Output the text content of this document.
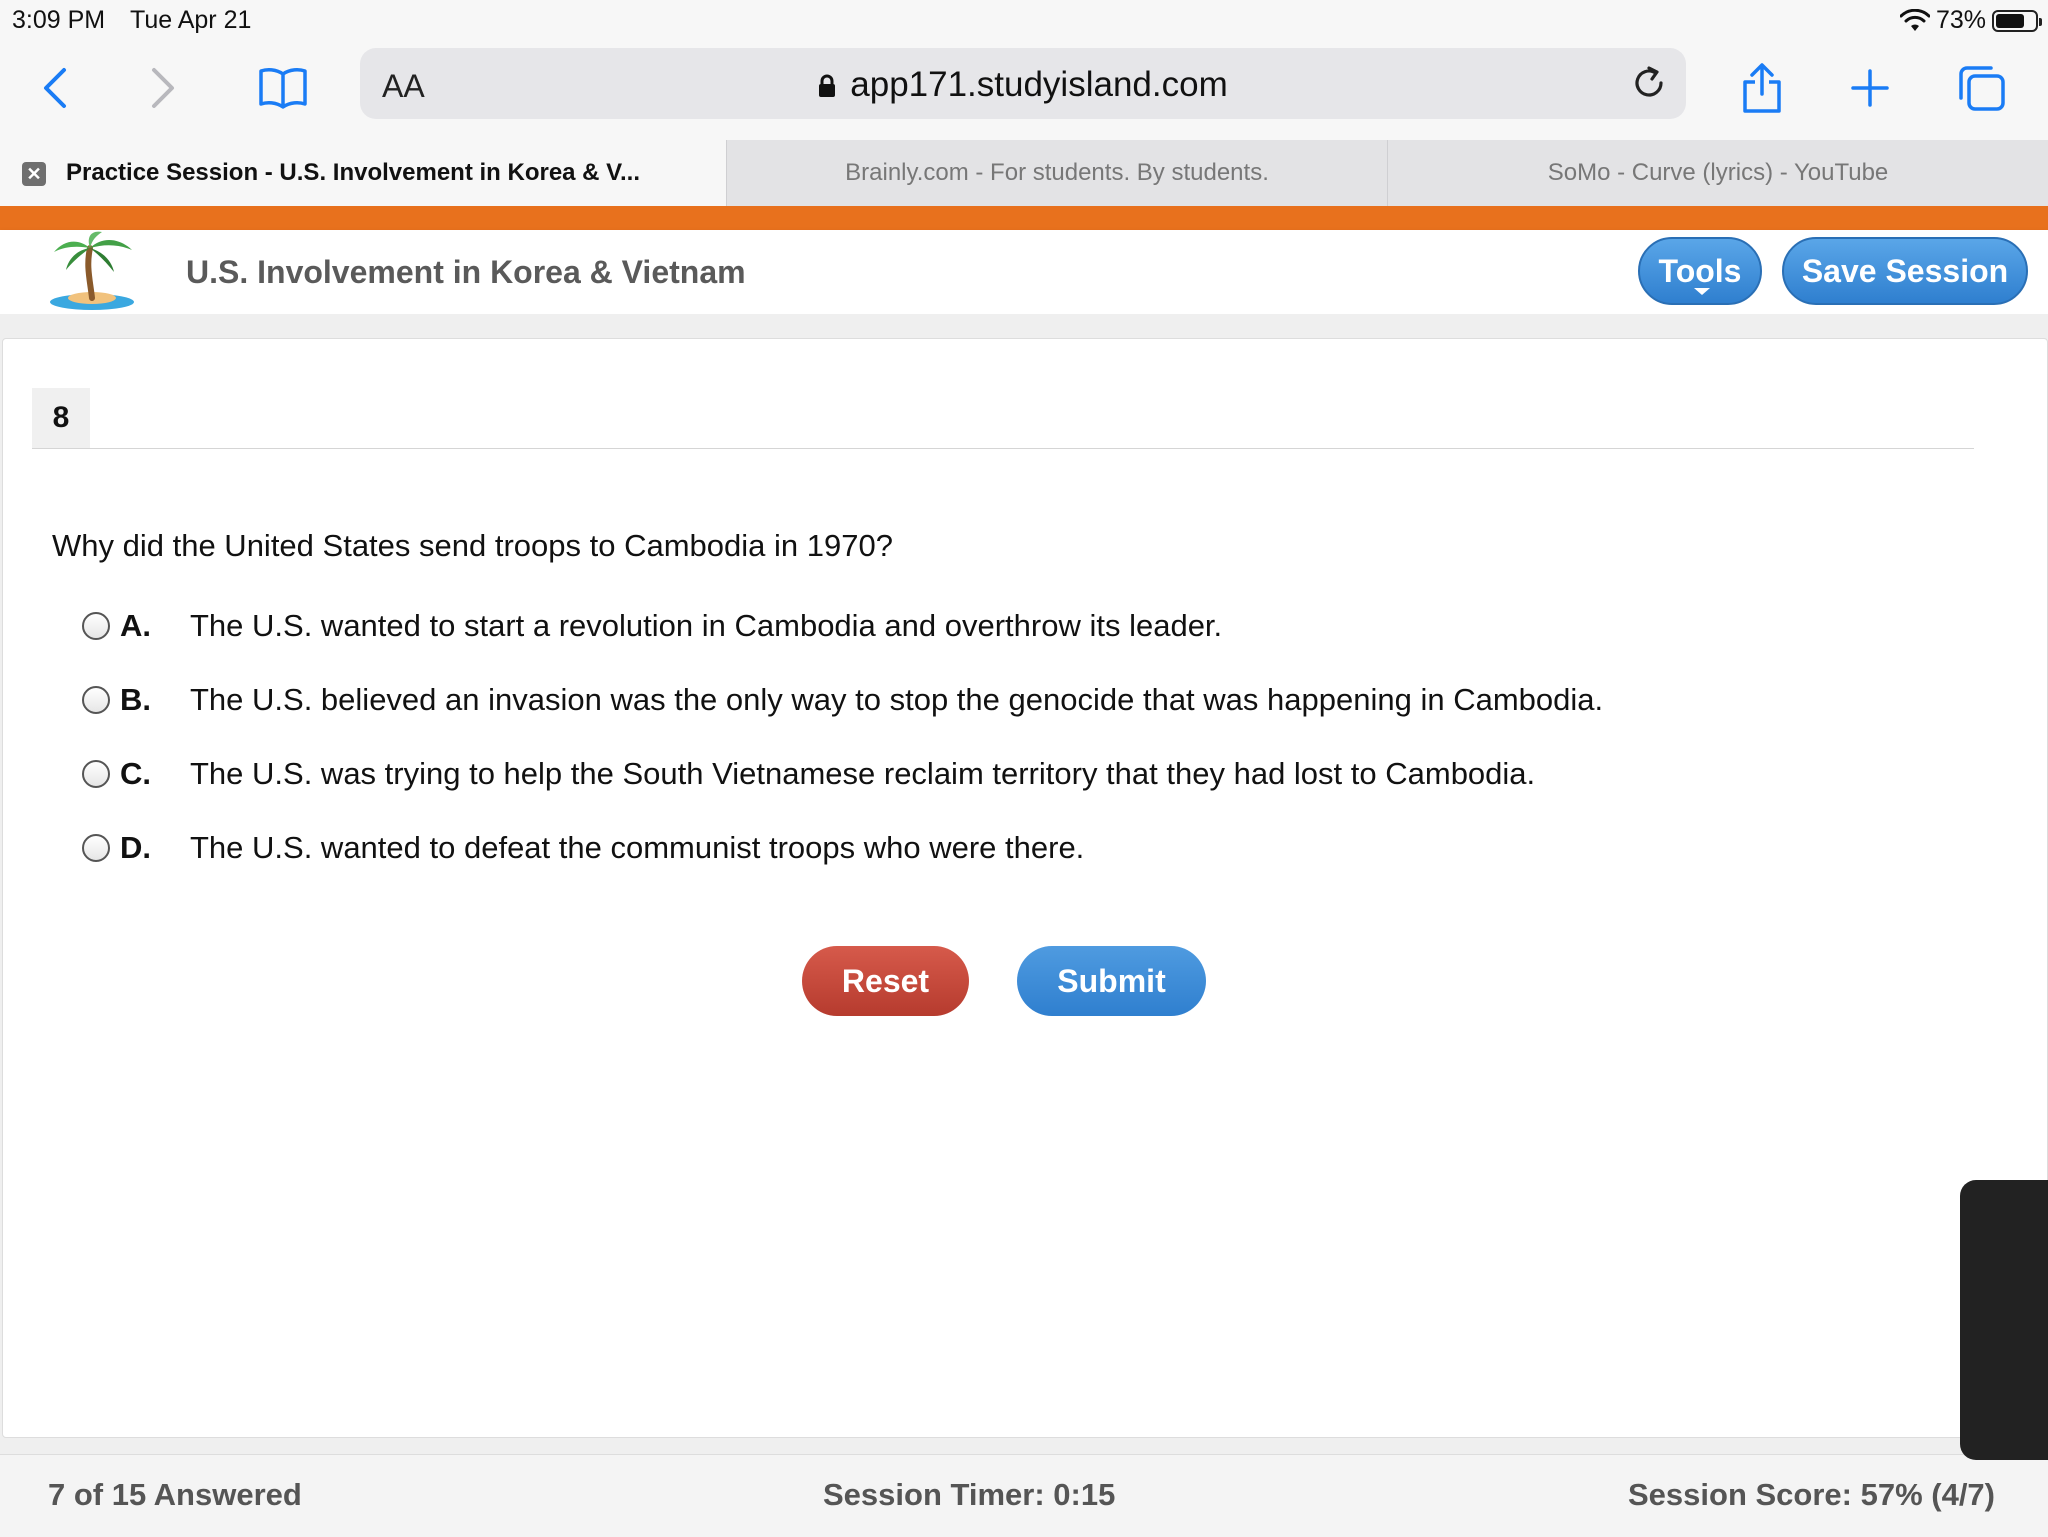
3:09 PM Tue Apr 21	73%
AA	app171.studyisland.com
✕ Practice Session - U.S. Involvement in Korea & V...	Brainly.com - For students. By students.	SoMo - Curve (lyrics) - YouTube
U.S. Involvement in Korea & Vietnam	Tools	Save Session
8
Why did the United States send troops to Cambodia in 1970?
A.	The U.S. wanted to start a revolution in Cambodia and overthrow its leader.
B.	The U.S. believed an invasion was the only way to stop the genocide that was happening in Cambodia.
C.	The U.S. was trying to help the South Vietnamese reclaim territory that they had lost to Cambodia.
D.	The U.S. wanted to defeat the communist troops who were there.
Reset	Submit
7 of 15 Answered	Session Timer: 0:15	Session Score: 57% (4/7)
